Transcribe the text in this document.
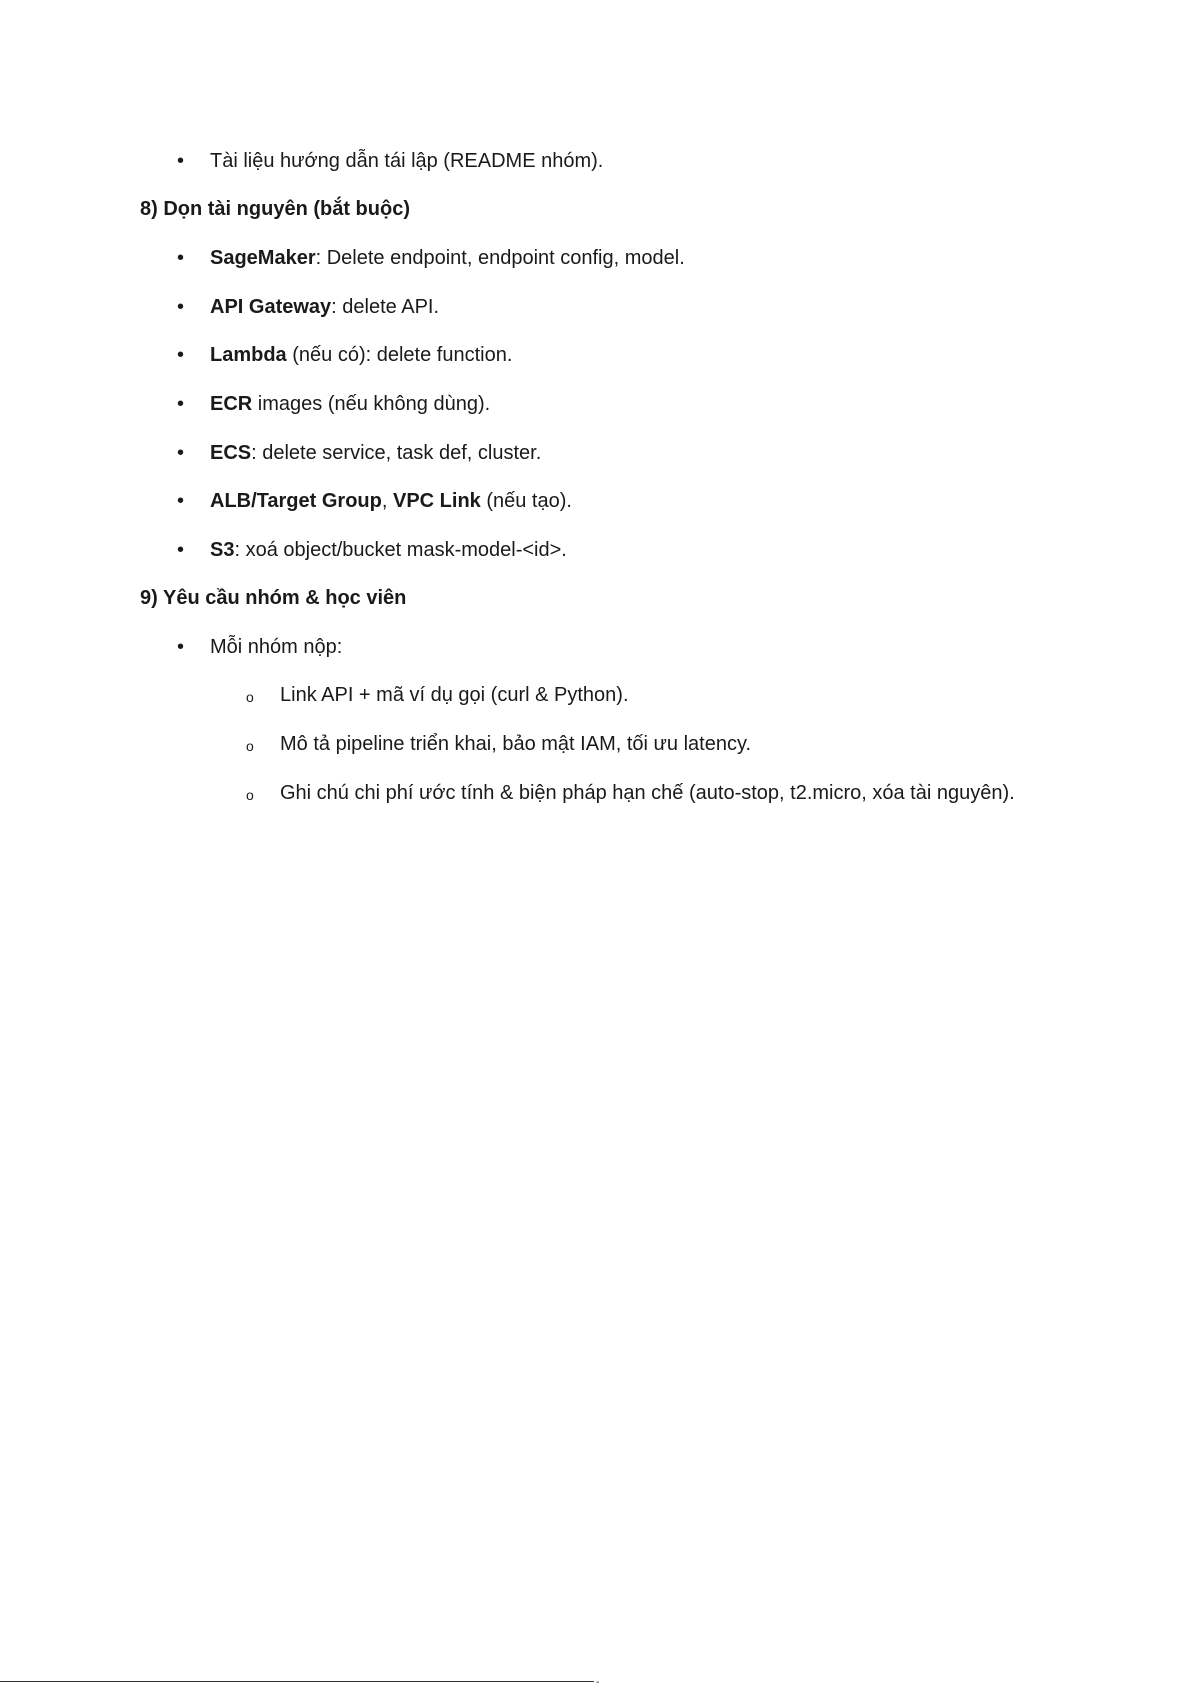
• Tài liệu hướng dẫn tái lập (README nhóm).
8) Dọn tài nguyên (bắt buộc)
• SageMaker: Delete endpoint, endpoint config, model.
• API Gateway: delete API.
• Lambda (nếu có): delete function.
• ECR images (nếu không dùng).
• ECS: delete service, task def, cluster.
• ALB/Target Group, VPC Link (nếu tạo).
• S3: xoá object/bucket mask-model-<id>.
9) Yêu cầu nhóm & học viên
• Mỗi nhóm nộp:
o Link API + mã ví dụ gọi (curl & Python).
o Mô tả pipeline triển khai, bảo mật IAM, tối ưu latency.
o Ghi chú chi phí ước tính & biện pháp hạn chế (auto-stop, t2.micro, xóa tài nguyên).
-
